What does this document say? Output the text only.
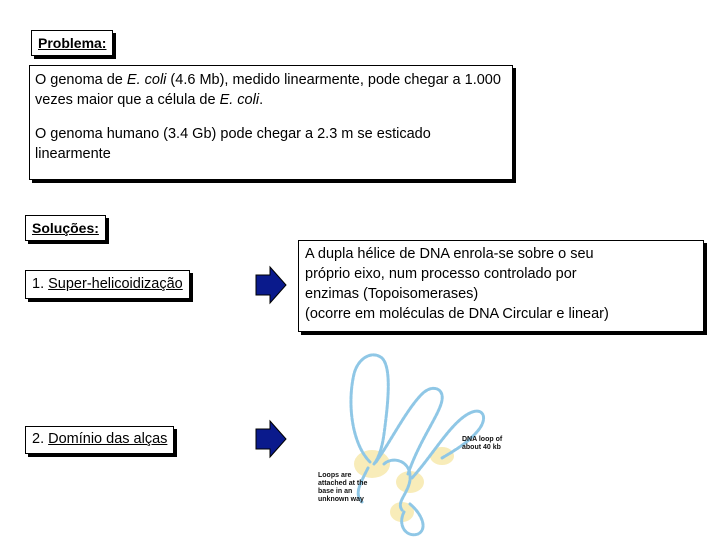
Problema:
O genoma de E. coli (4.6 Mb), medido linearmente, pode chegar a 1.000 vezes maior que a célula de E. coli.
O genoma humano (3.4 Gb) pode chegar a 2.3 m se esticado linearmente
Soluções:
1. Super-helicoidização
A dupla hélice de DNA enrola-se sobre o seu
próprio eixo, num processo controlado por
enzimas (Topoisomerases)
(ocorre em moléculas de DNA Circular e linear)
2. Domínio das alças	DNA loop of
about 40 kb
Loops are
attached at the
base in an
unknown way
